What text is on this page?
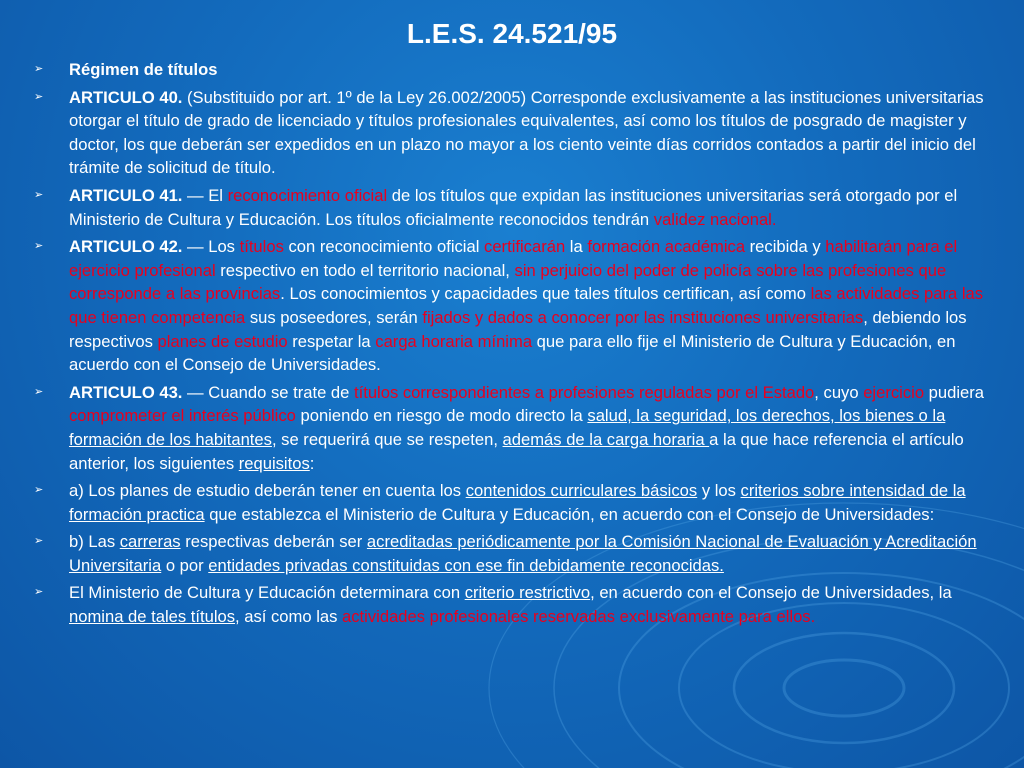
L.E.S. 24.521/95
➢ Régimen de títulos
➢ ARTICULO 40. (Substituido por art. 1º de la Ley 26.002/2005) Corresponde exclusivamente a las instituciones universitarias otorgar el título de grado de licenciado y títulos profesionales equivalentes, así como los títulos de posgrado de magister y doctor, los que deberán ser expedidos en un plazo no mayor a los ciento veinte días corridos contados a partir del inicio del trámite de solicitud de título.
➢ ARTICULO 41. — El reconocimiento oficial de los títulos que expidan las instituciones universitarias será otorgado por el Ministerio de Cultura y Educación. Los títulos oficialmente reconocidos tendrán validez nacional.
➢ ARTICULO 42. — Los títulos con reconocimiento oficial certificarán la formación académica recibida y habilitarán para el ejercicio profesional respectivo en todo el territorio nacional, sin perjuicio del poder de policía sobre las profesiones que corresponde a las provincias. Los conocimientos y capacidades que tales títulos certifican, así como las actividades para las que tienen competencia sus poseedores, serán fijados y dados a conocer por las instituciones universitarias, debiendo los respectivos planes de estudio respetar la carga horaria mínima que para ello fije el Ministerio de Cultura y Educación, en acuerdo con el Consejo de Universidades.
➢ ARTICULO 43. — Cuando se trate de títulos correspondientes a profesiones reguladas por el Estado, cuyo ejercicio pudiera comprometer el interés público poniendo en riesgo de modo directo la salud, la seguridad, los derechos, los bienes o la formación de los habitantes, se requerirá que se respeten, además de la carga horaria a la que hace referencia el artículo anterior, los siguientes requisitos:
➢ a) Los planes de estudio deberán tener en cuenta los contenidos curriculares básicos y los criterios sobre intensidad de la formación practica que establezca el Ministerio de Cultura y Educación, en acuerdo con el Consejo de Universidades:
➢ b) Las carreras respectivas deberán ser acreditadas periódicamente por la Comisión Nacional de Evaluación y Acreditación Universitaria o por entidades privadas constituidas con ese fin debidamente reconocidas.
➢ El Ministerio de Cultura y Educación determinara con criterio restrictivo, en acuerdo con el Consejo de Universidades, la nomina de tales títulos, así como las actividades profesionales reservadas exclusivamente para ellos.
